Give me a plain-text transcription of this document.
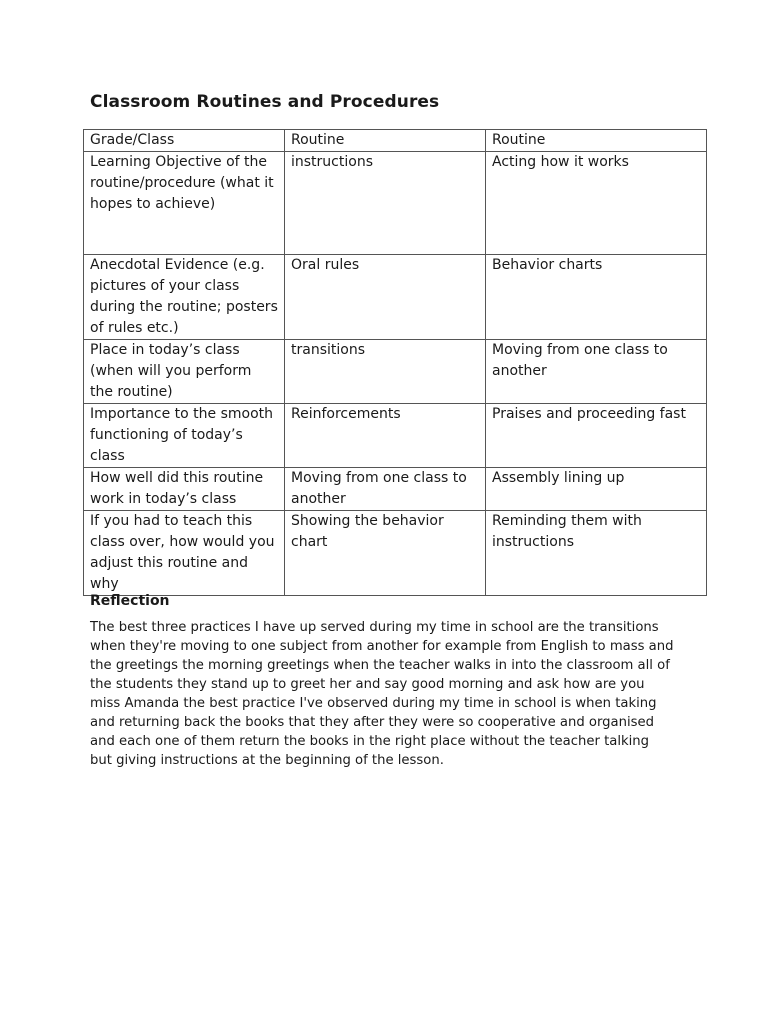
Classroom Routines and Procedures
Grade/Class	Routine	Routine
Learning Objective of the routine/procedure (what it hopes to achieve)	instructions	Acting how it works
Anecdotal Evidence (e.g. pictures of your class during the routine; posters of rules etc.)	Oral rules	Behavior charts
Place in today’s class (when will you perform the routine)	transitions	Moving from one class to another
Importance to the smooth functioning of today’s class	Reinforcements	Praises and proceeding fast
How well did this routine work in today’s class	Moving from one class to another	Assembly lining up
If you had to teach this class over, how would you adjust this routine and why	Showing the behavior chart	Reminding them with instructions
Reflection

The best three practices I have up served during my time in school are the transitions when they're moving to one subject from another for example from English to mass and the greetings the morning greetings when the teacher walks in into the classroom all of the students they stand up to greet her and say good morning and ask how are you miss Amanda the best practice I've observed during my time in school is when taking and returning back the books that they after they were so cooperative and organised and each one of them return the books in the right place without the teacher talking but giving instructions at the beginning of the lesson.
